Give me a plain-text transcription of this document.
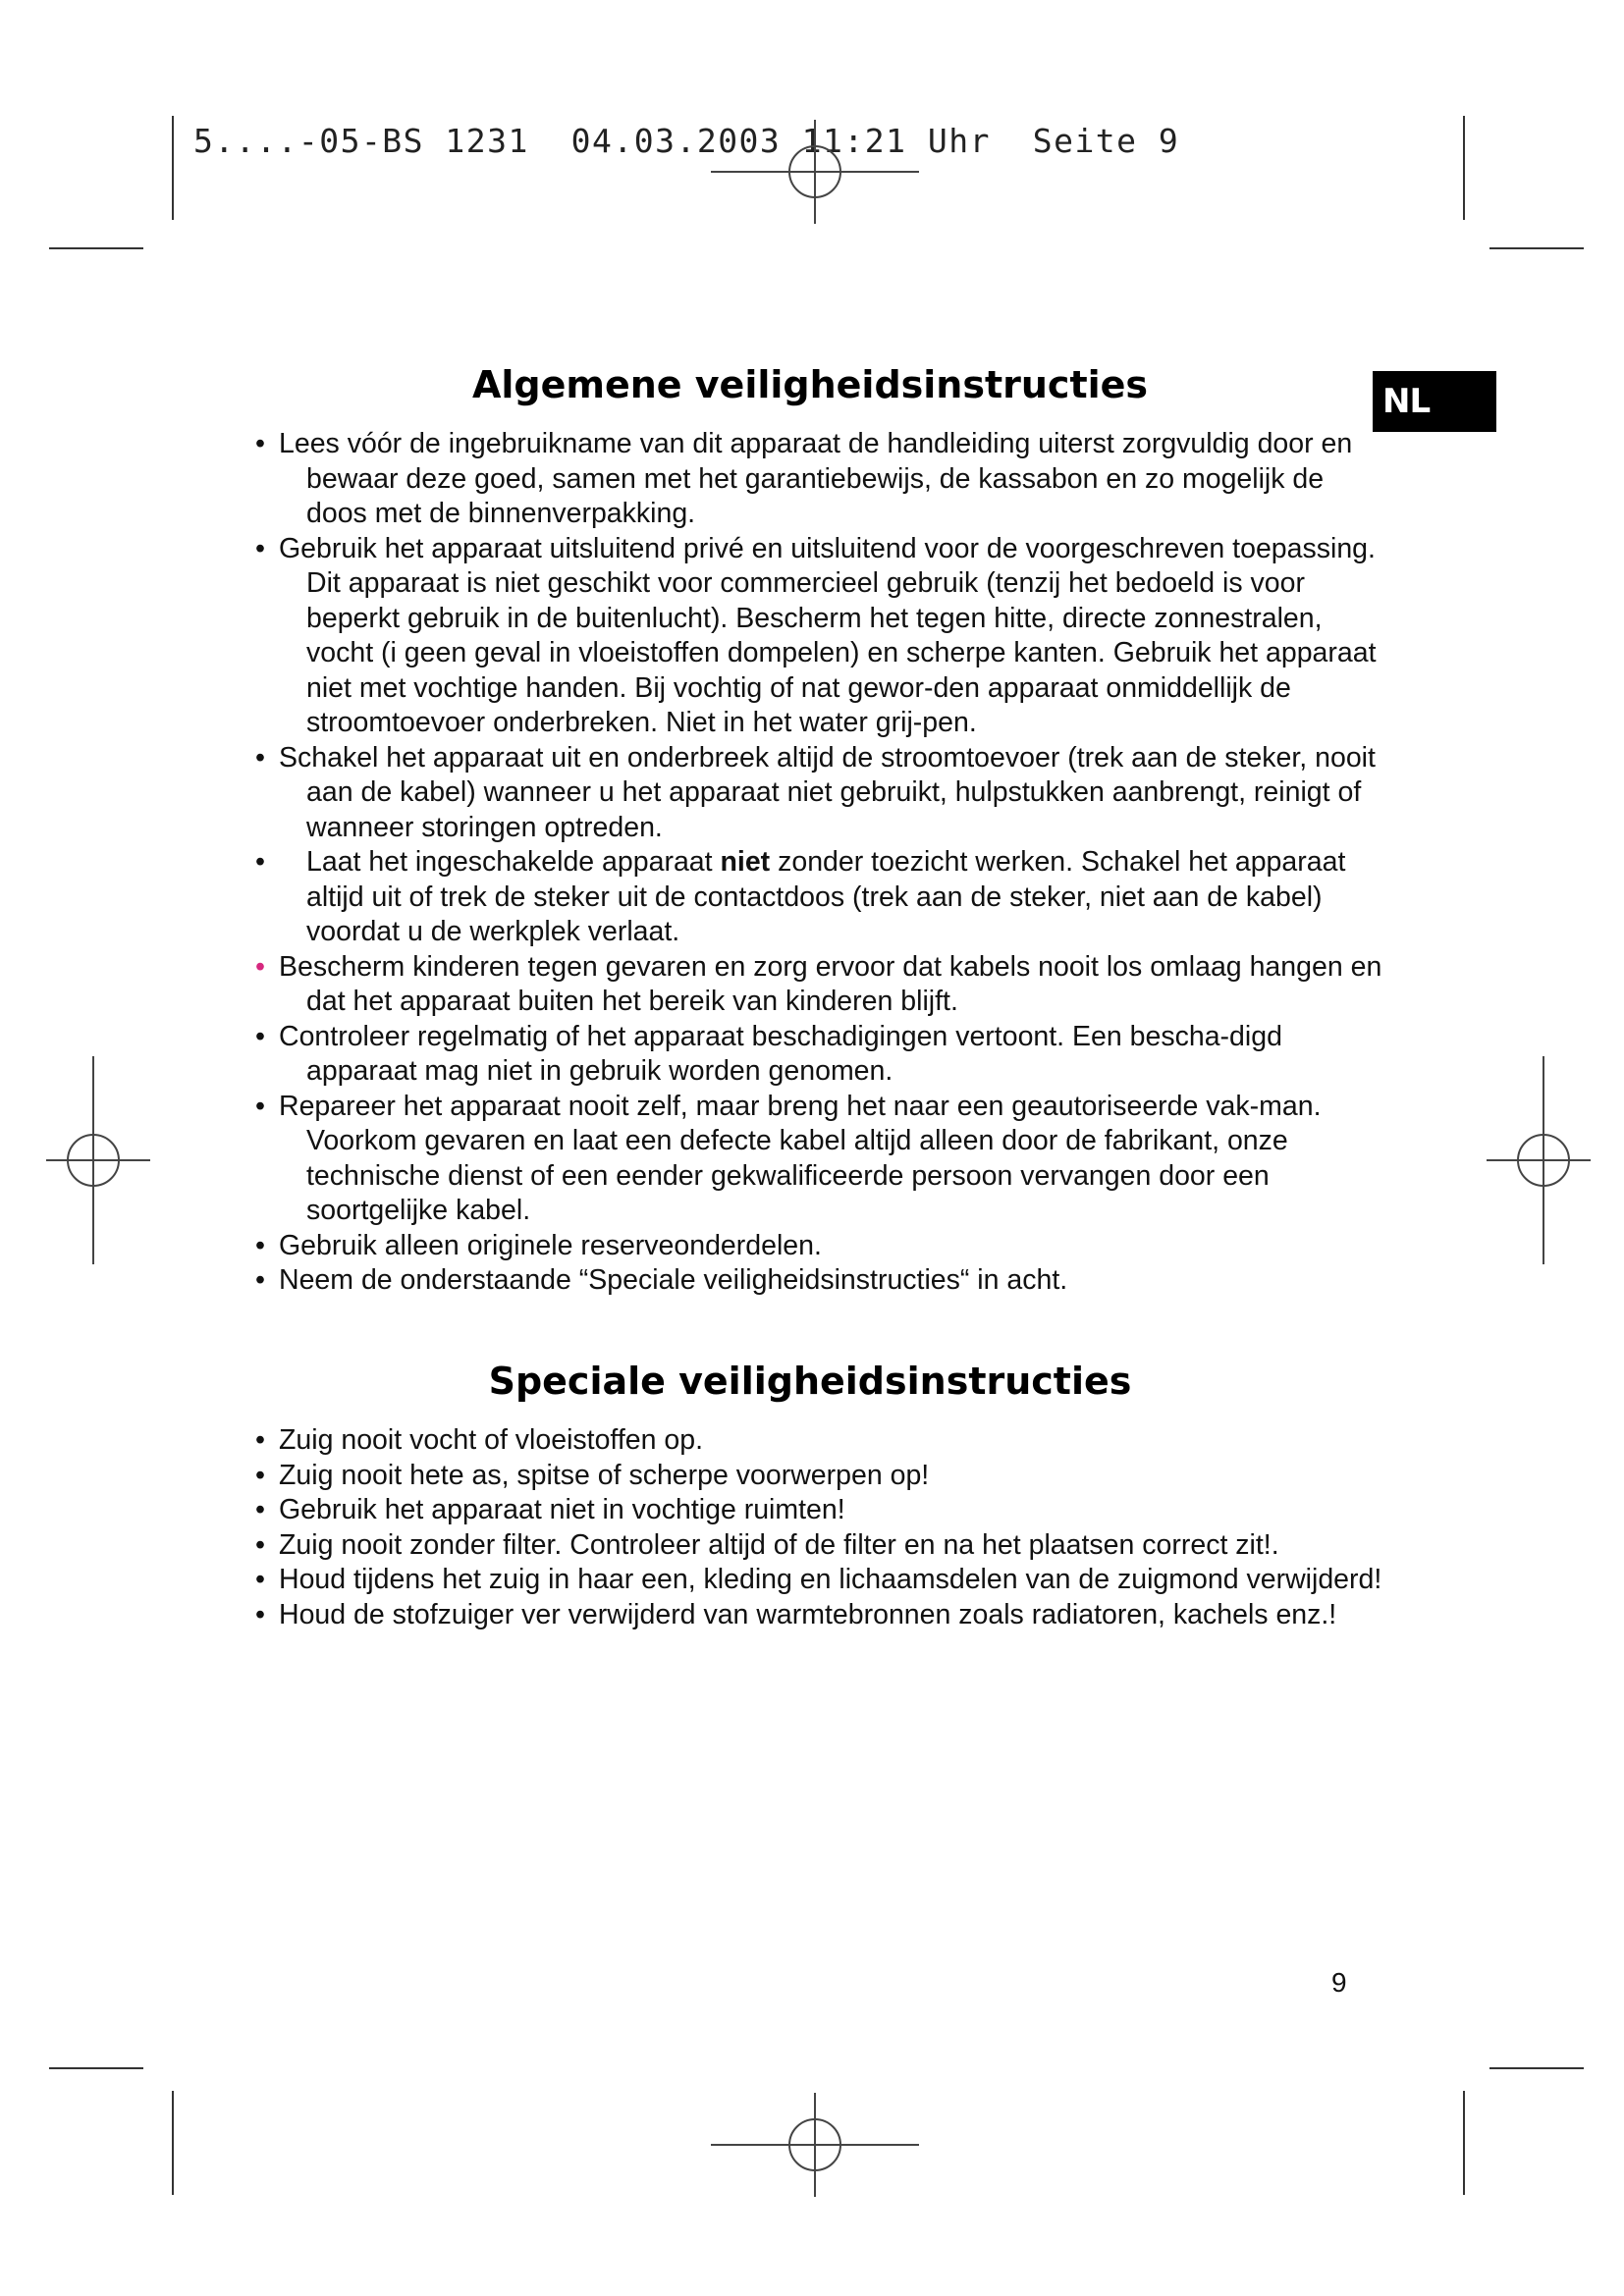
5....-05-BS 1231  04.03.2003 11:21 Uhr  Seite 9
NL
Algemene veiligheidsinstructies
• Lees vóór de ingebruikname van dit apparaat de handleiding uiterst zorgvuldig door en bewaar deze goed, samen met het garantiebewijs, de kassabon en zo mogelijk de doos met de binnenverpakking.
• Gebruik het apparaat uitsluitend privé en uitsluitend voor de voorgeschreven toepassing. Dit apparaat is niet geschikt voor commercieel gebruik (tenzij het bedoeld is voor beperkt gebruik in de buitenlucht). Bescherm het tegen hitte, directe zonnestralen, vocht (i geen geval in vloeistoffen dompelen) en scherpe kanten. Gebruik het apparaat niet met vochtige handen. Bij vochtig of nat gewor-den apparaat onmiddellijk de stroomtoevoer onderbreken. Niet in het water grij-pen.
• Schakel het apparaat uit en onderbreek altijd de stroomtoevoer (trek aan de steker, nooit aan de kabel) wanneer u het apparaat niet gebruikt, hulpstukken aanbrengt, reinigt of wanneer storingen optreden.
• Laat het ingeschakelde apparaat niet zonder toezicht werken. Schakel het apparaat altijd uit of trek de steker uit de contactdoos (trek aan de steker, niet aan de kabel) voordat u de werkplek verlaat.
• Bescherm kinderen tegen gevaren en zorg ervoor dat kabels nooit los omlaag hangen en dat het apparaat buiten het bereik van kinderen blijft.
• Controleer regelmatig of het apparaat beschadigingen vertoont. Een bescha-digd apparaat mag niet in gebruik worden genomen.
• Repareer het apparaat nooit zelf, maar breng het naar een geautoriseerde vak-man. Voorkom gevaren en laat een defecte kabel altijd alleen door de fabrikant, onze technische dienst of een eender gekwalificeerde persoon vervangen door een soortgelijke kabel.
• Gebruik alleen originele reserveonderdelen.
• Neem de onderstaande “Speciale veiligheidsinstructies“ in acht.
Speciale veiligheidsinstructies
• Zuig nooit vocht of vloeistoffen op.
• Zuig nooit hete as, spitse of scherpe voorwerpen op!
• Gebruik het apparaat niet in vochtige ruimten!
• Zuig nooit zonder filter. Controleer altijd of de filter en na het plaatsen correct zit!.
• Houd tijdens het zuig in haar een, kleding en lichaamsdelen van de zuigmond verwijderd!
• Houd de stofzuiger ver verwijderd van warmtebronnen zoals radiatoren, kachels enz.!
9
